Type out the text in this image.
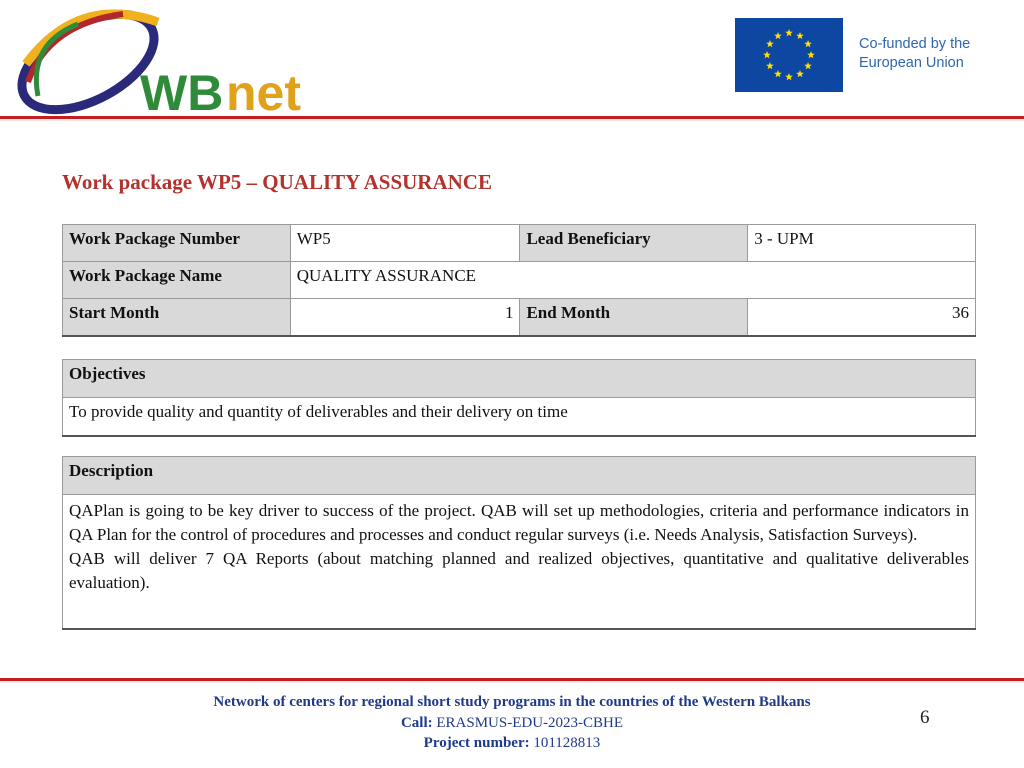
WB net
Co-funded by the
European Union
Work package WP5 – QUALITY ASSURANCE
Work Package Number	WP5	Lead Beneficiary	3 - UPM
Work Package Name	QUALITY ASSURANCE		
Start Month	1	End Month	36
Objectives
To provide quality and quantity of deliverables and their delivery on time
Description

QAPlan is going to be key driver to success of the project. QAB will set up methodologies, criteria and performance indicators in QA Plan for the control of procedures and processes and conduct regular surveys (i.e. Needs Analysis, Satisfaction Surveys).
QAB will deliver 7 QA Reports (about matching planned and realized objectives, quantitative and qualitative deliverables evaluation).
Network of centers for regional short study programs in the countries of the Western Balkans
Call: ERASMUS-EDU-2023-CBHE
Project number: 101128813
6
